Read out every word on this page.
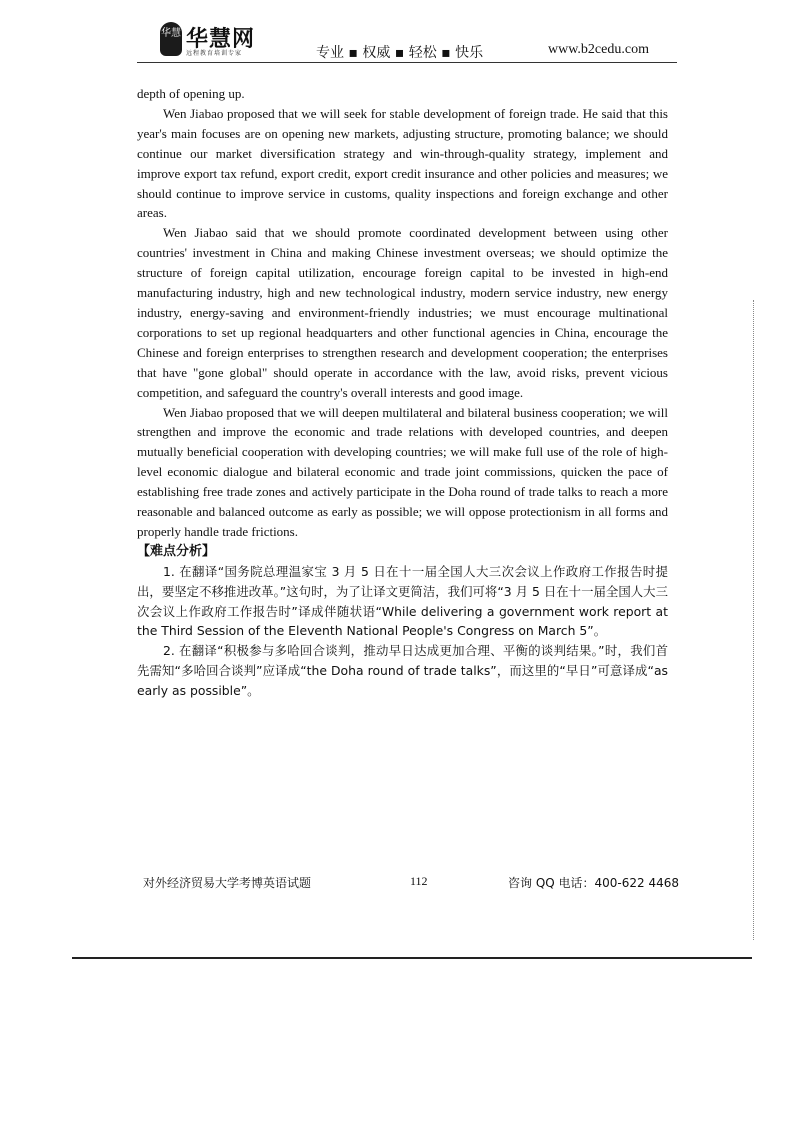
华慧 华慧网
远程教育培训专家	专业 ▪ 权威 ▪ 轻松 ▪ 快乐	www.b2cedu.com

depth of opening up.

Wen Jiabao proposed that we will seek for stable development of foreign trade. He said that this year's main focuses are on opening new markets, adjusting structure, promoting balance; we should continue our market diversification strategy and win-through-quality strategy, implement and improve export tax refund, export credit, export credit insurance and other policies and measures; we should continue to improve service in customs, quality inspections and foreign exchange and other areas.

Wen Jiabao said that we should promote coordinated development between using other countries' investment in China and making Chinese investment overseas; we should optimize the structure of foreign capital utilization, encourage foreign capital to be invested in high-end manufacturing industry, high and new technological industry, modern service industry, new energy industry, energy-saving and environment-friendly industries; we must encourage multinational corporations to set up regional headquarters and other functional agencies in China, encourage the Chinese and foreign enterprises to strengthen research and development cooperation; the enterprises that have "gone global" should operate in accordance with the law, avoid risks, prevent vicious competition, and safeguard the country's overall interests and good image.

Wen Jiabao proposed that we will deepen multilateral and bilateral business cooperation; we will strengthen and improve the economic and trade relations with developed countries, and deepen mutually beneficial cooperation with developing countries; we will make full use of the role of high-level economic dialogue and bilateral economic and trade joint commissions, quicken the pace of establishing free trade zones and actively participate in the Doha round of trade talks to reach a more reasonable and balanced outcome as early as possible; we will oppose protectionism in all forms and properly handle trade frictions.

【难点分析】

1. 在翻译“国务院总理温家宝 3 月 5 日在十一届全国人大三次会议上作政府工作报告时提出，要坚定不移推进改革。”这句时，为了让译文更简洁，我们可将“3 月 5 日在十一届全国人大三次会议上作政府工作报告时”译成伴随状语“While delivering a government work report at the Third Session of the Eleventh National People's Congress on March 5”。

2. 在翻译“积极参与多哈回合谈判，推动早日达成更加合理、平衡的谈判结果。”时，我们首先需知“多哈回合谈判”应译成“the Doha round of trade talks”，而这里的“早日”可意译成“as early as possible”。

对外经济贸易大学考博英语试题	112	咨询 QQ 电话：400-622 4468
